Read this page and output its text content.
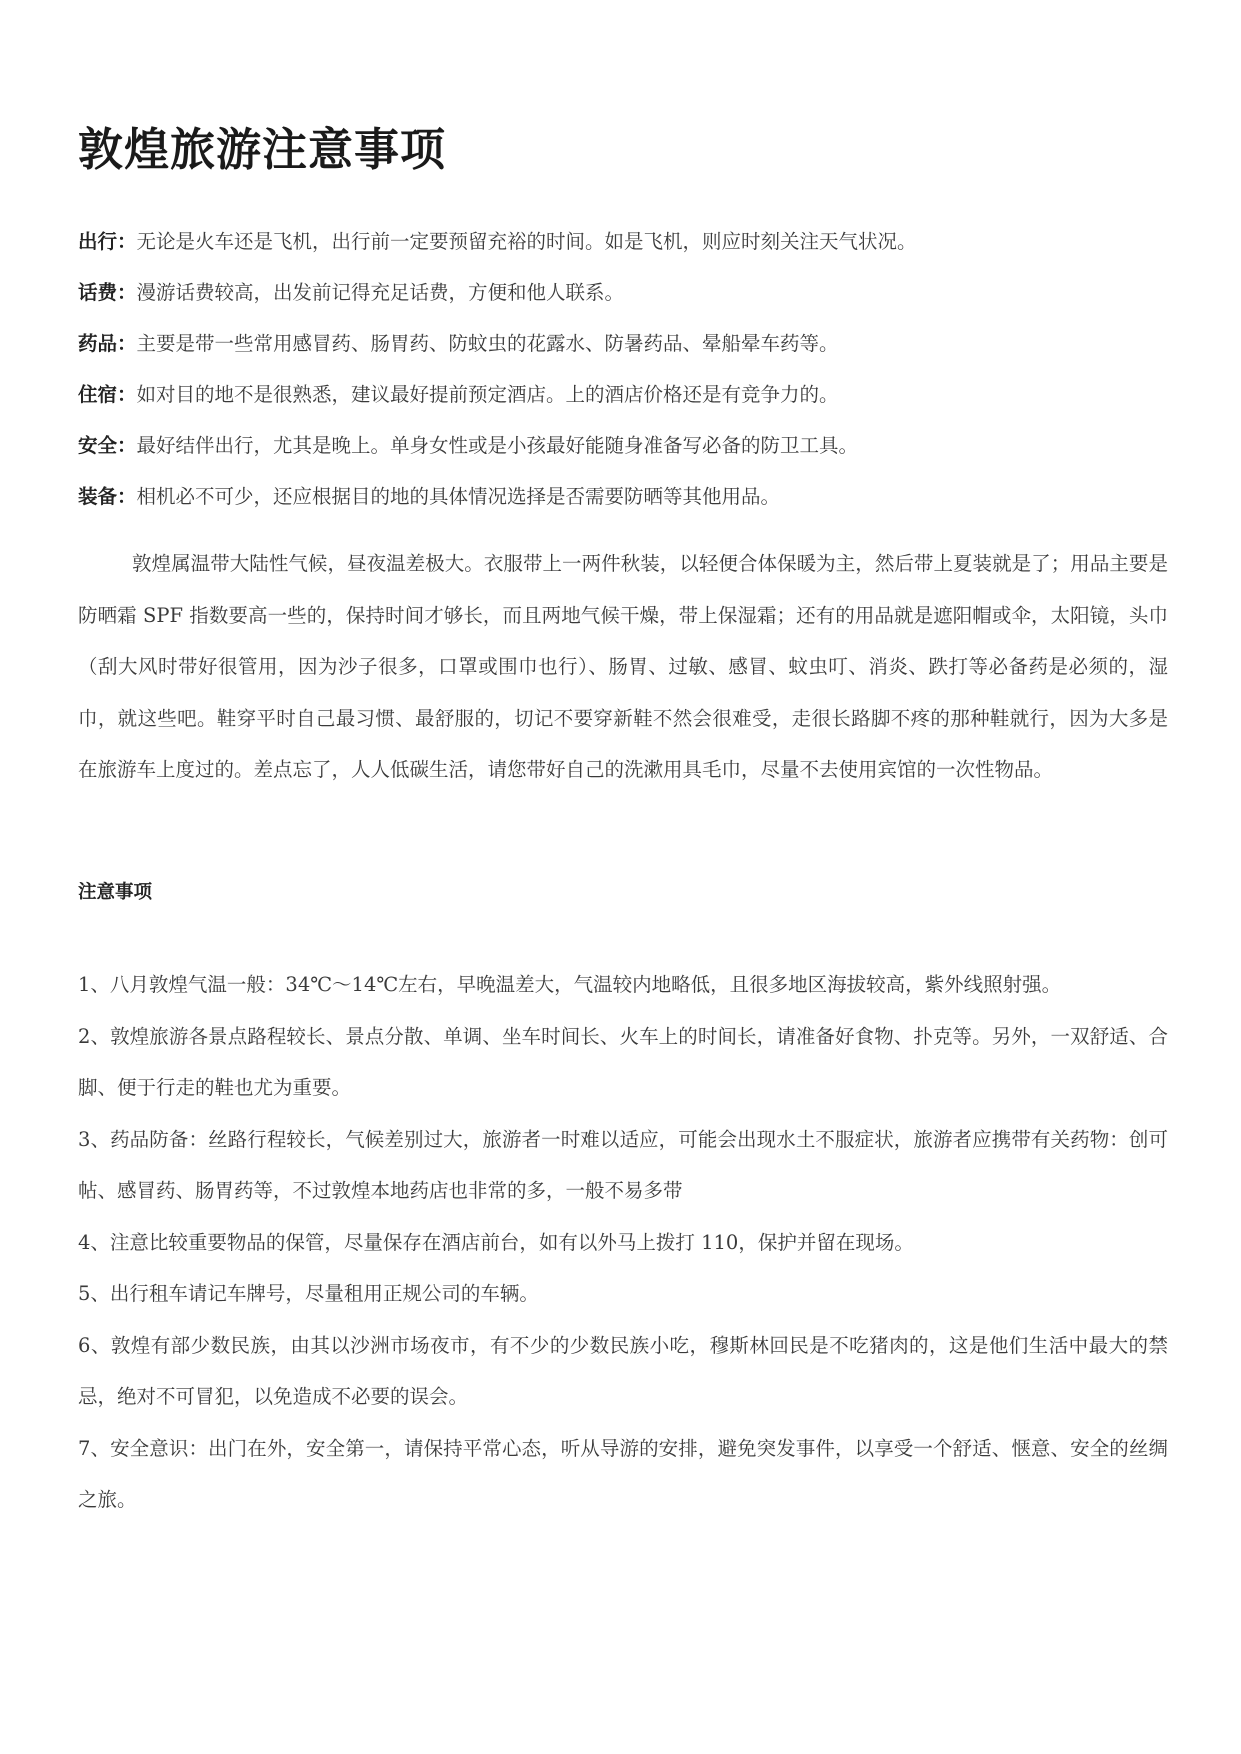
敦煌旅游注意事项
出行：无论是火车还是飞机，出行前一定要预留充裕的时间。如是飞机，则应时刻关注天气状况。
话费：漫游话费较高，出发前记得充足话费，方便和他人联系。
药品：主要是带一些常用感冒药、肠胃药、防蚊虫的花露水、防暑药品、晕船晕车药等。
住宿：如对目的地不是很熟悉，建议最好提前预定酒店。上的酒店价格还是有竞争力的。
安全：最好结伴出行，尤其是晚上。单身女性或是小孩最好能随身准备写必备的防卫工具。
装备：相机必不可少，还应根据目的地的具体情况选择是否需要防晒等其他用品。

敦煌属温带大陆性气候，昼夜温差极大。衣服带上一两件秋装，以轻便合体保暖为主，然后带上夏装就是了；用品主要是防晒霜 SPF 指数要高一些的，保持时间才够长，而且两地气候干燥，带上保湿霜；还有的用品就是遮阳帽或伞，太阳镜，头巾（刮大风时带好很管用，因为沙子很多，口罩或围巾也行）、肠胃、过敏、感冒、蚊虫叮、消炎、跌打等必备药是必须的，湿巾，就这些吧。鞋穿平时自己最习惯、最舒服的，切记不要穿新鞋不然会很难受，走很长路脚不疼的那种鞋就行，因为大多是在旅游车上度过的。差点忘了，人人低碳生活，请您带好自己的洗漱用具毛巾，尽量不去使用宾馆的一次性物品。

注意事项

1、八月敦煌气温一般：34℃～14℃左右，早晚温差大，气温较内地略低，且很多地区海拔较高，紫外线照射强。

2、敦煌旅游各景点路程较长、景点分散、单调、坐车时间长、火车上的时间长，请准备好食物、扑克等。另外，一双舒适、合脚、便于行走的鞋也尤为重要。

3、药品防备：丝路行程较长，气候差别过大，旅游者一时难以适应，可能会出现水土不服症状，旅游者应携带有关药物：创可帖、感冒药、肠胃药等，不过敦煌本地药店也非常的多，一般不易多带

4、注意比较重要物品的保管，尽量保存在酒店前台，如有以外马上拨打 110，保护并留在现场。

5、出行租车请记车牌号，尽量租用正规公司的车辆。

6、敦煌有部少数民族，由其以沙洲市场夜市，有不少的少数民族小吃，穆斯林回民是不吃猪肉的，这是他们生活中最大的禁忌，绝对不可冒犯，以免造成不必要的误会。

7、安全意识：出门在外，安全第一，请保持平常心态，听从导游的安排，避免突发事件，以享受一个舒适、惬意、安全的丝绸之旅。
